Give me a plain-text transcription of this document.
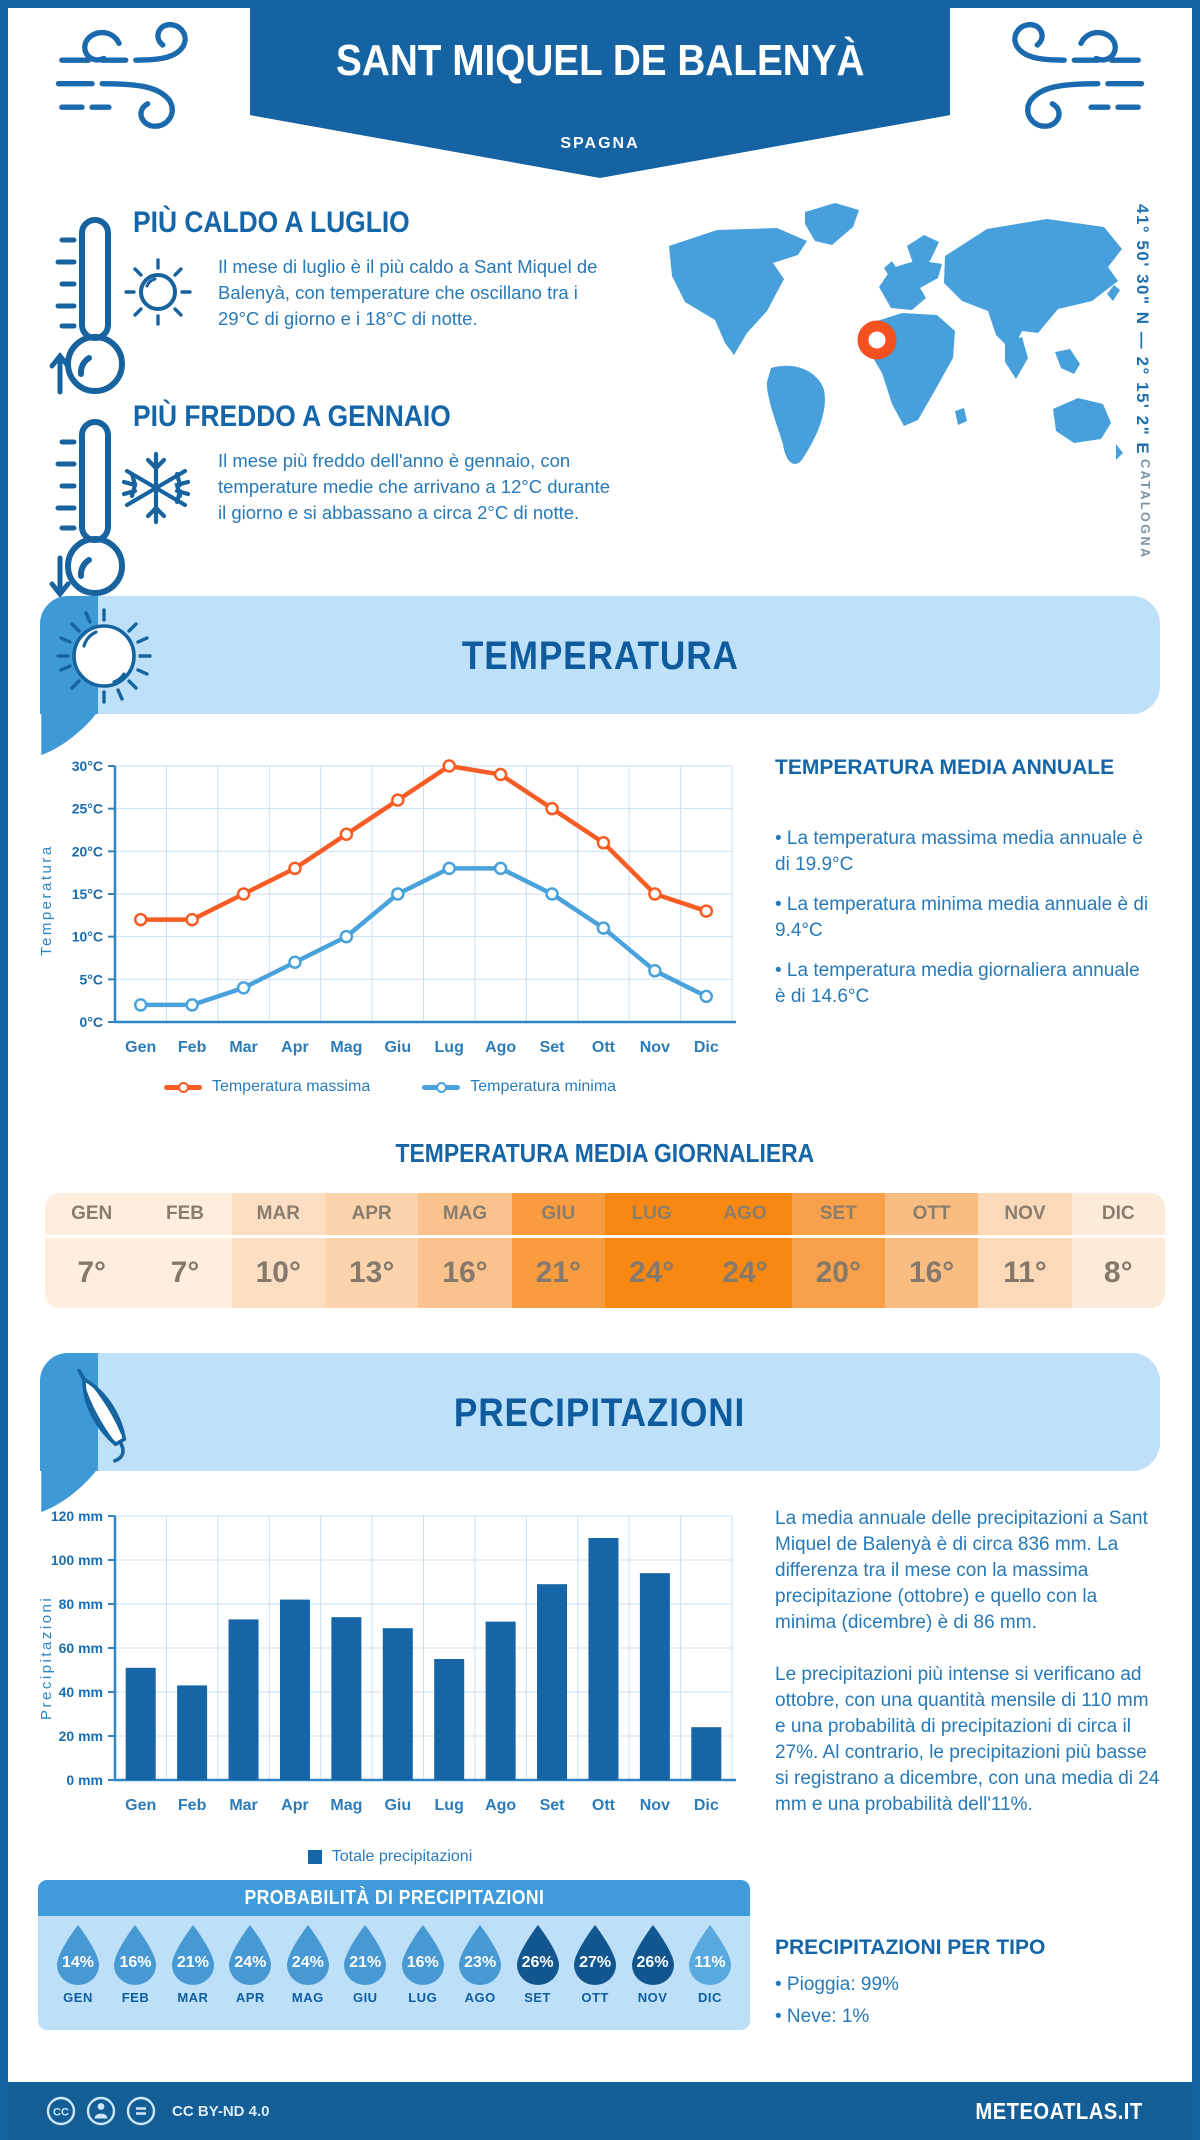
SANT MIQUEL DE BALENYÀ
SPAGNA
PIÙ CALDO A LUGLIO
Il mese di luglio è il più caldo a Sant Miquel de Balenyà, con temperature che oscillano tra i 29°C di giorno e i 18°C di notte.
PIÙ FREDDO A GENNAIO
Il mese più freddo dell'anno è gennaio, con temperature medie che arrivano a 12°C durante il giorno e si abbassano a circa 2°C di notte.
41° 50' 30" N — 2° 15' 2" E
CATALOGNA
TEMPERATURA
Temperatura
0°C
5°C
10°C
15°C
20°C
25°C
30°C
Gen Feb Mar Apr Mag Giu Lug Ago Set Ott Nov Dic
Temperatura massima	Temperatura minima
TEMPERATURA MEDIA ANNUALE

• La temperatura massima media annuale è di 19.9°C

• La temperatura minima media annuale è di 9.4°C

• La temperatura media giornaliera annuale è di 14.6°C

TEMPERATURA MEDIA GIORNALIERA
GEN
7°
FEB
7°
MAR
10°
APR
13°
MAG
16°
GIU
21°
LUG
24°
AGO
24°
SET
20°
OTT
16°
NOV
11°
DIC
8°
PRECIPITAZIONI
Precipitazioni
0 mm
20 mm
40 mm
60 mm
80 mm
100 mm
120 mm
Gen Feb Mar Apr Mag Giu Lug Ago Set Ott Nov Dic
Totale precipitazioni

La media annuale delle precipitazioni a Sant Miquel de Balenyà è di circa 836 mm. La differenza tra il mese con la massima precipitazione (ottobre) e quello con la minima (dicembre) è di 86 mm.

Le precipitazioni più intense si verificano ad ottobre, con una quantità mensile di 110 mm e una probabilità di precipitazioni di circa il 27%. Al contrario, le precipitazioni più basse si registrano a dicembre, con una media di 24 mm e una probabilità dell'11%.

PROBABILITÀ DI PRECIPITAZIONI
14%
GEN
16%
FEB
21%
MAR
24%
APR
24%
MAG
21%
GIU
16%
LUG
23%
AGO
26%
SET
27%
OTT
26%
NOV
11%
DIC
PRECIPITAZIONI PER TIPO

• Pioggia: 99%

• Neve: 1%

CC	CC BY-ND 4.0	METEOATLAS.IT
